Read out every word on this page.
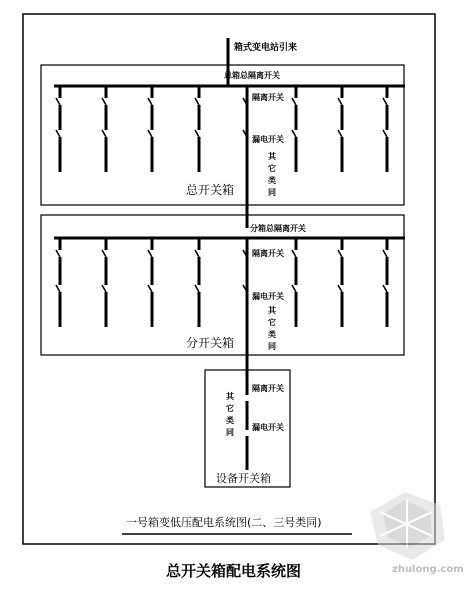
箱式变电站引来
总箱总隔离开关
隔离开关
漏电开关
其它类同
总开关箱
分箱总隔离开关
隔离开关
漏电开关
其它类同
分开关箱
隔离开关
漏电开关
其它类同
设备开关箱
一号箱变低压配电系统图(二、三号类同)
zhulong.com
总开关箱配电系统图
